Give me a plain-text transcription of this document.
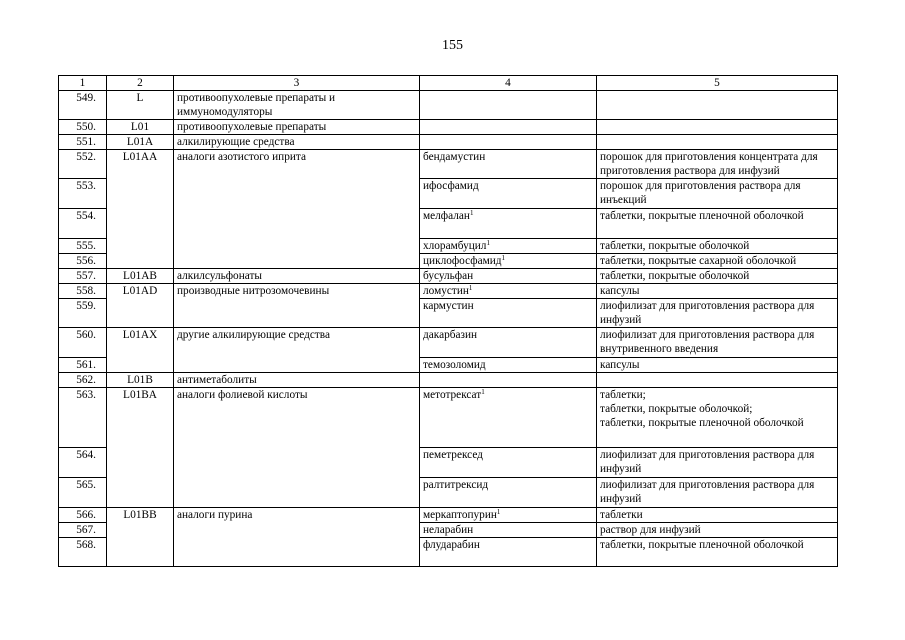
155
1	2	3	4	5
549.	L	противоопухолевые препараты и иммуномодуляторы		
550.	L01	противоопухолевые препараты		
551.	L01A	алкилирующие средства		
552.	L01AA	аналоги азотистого иприта	бендамустин	порошок для приготовления концентрата для приготовления раствора для инфузий
553.			ифосфамид	порошок для приготовления раствора для инъекций
554.			мелфалан$^1$	таблетки, покрытые пленочной оболочкой
555.			хлорамбуцил$^1$	таблетки, покрытые оболочкой
556.			циклофосфамид$^1$	таблетки, покрытые сахарной оболочкой
557.	L01AB	алкилсульфонаты	бусульфан	таблетки, покрытые оболочкой
558.	L01AD	производные нитрозомочевины	ломустин$^1$	капсулы
559.			кармустин	лиофилизат для приготовления раствора для инфузий
560.	L01AX	другие алкилирующие средства	дакарбазин	лиофилизат для приготовления раствора для внутривенного введения
561.			темозоломид	капсулы
562.	L01B	антиметаболиты		
563.	L01BA	аналоги фолиевой кислоты	метотрексат$^1$	таблетки;
таблетки, покрытые оболочкой;
таблетки, покрытые пленочной оболочкой
564.			пеметрексед	лиофилизат для приготовления раствора для инфузий
565.			ралтитрексид	лиофилизат для приготовления раствора для инфузий
566.	L01BB	аналоги пурина	меркаптопурин$^1$	таблетки
567.			неларабин	раствор для инфузий
568.			флударабин	таблетки, покрытые пленочной оболочкой
